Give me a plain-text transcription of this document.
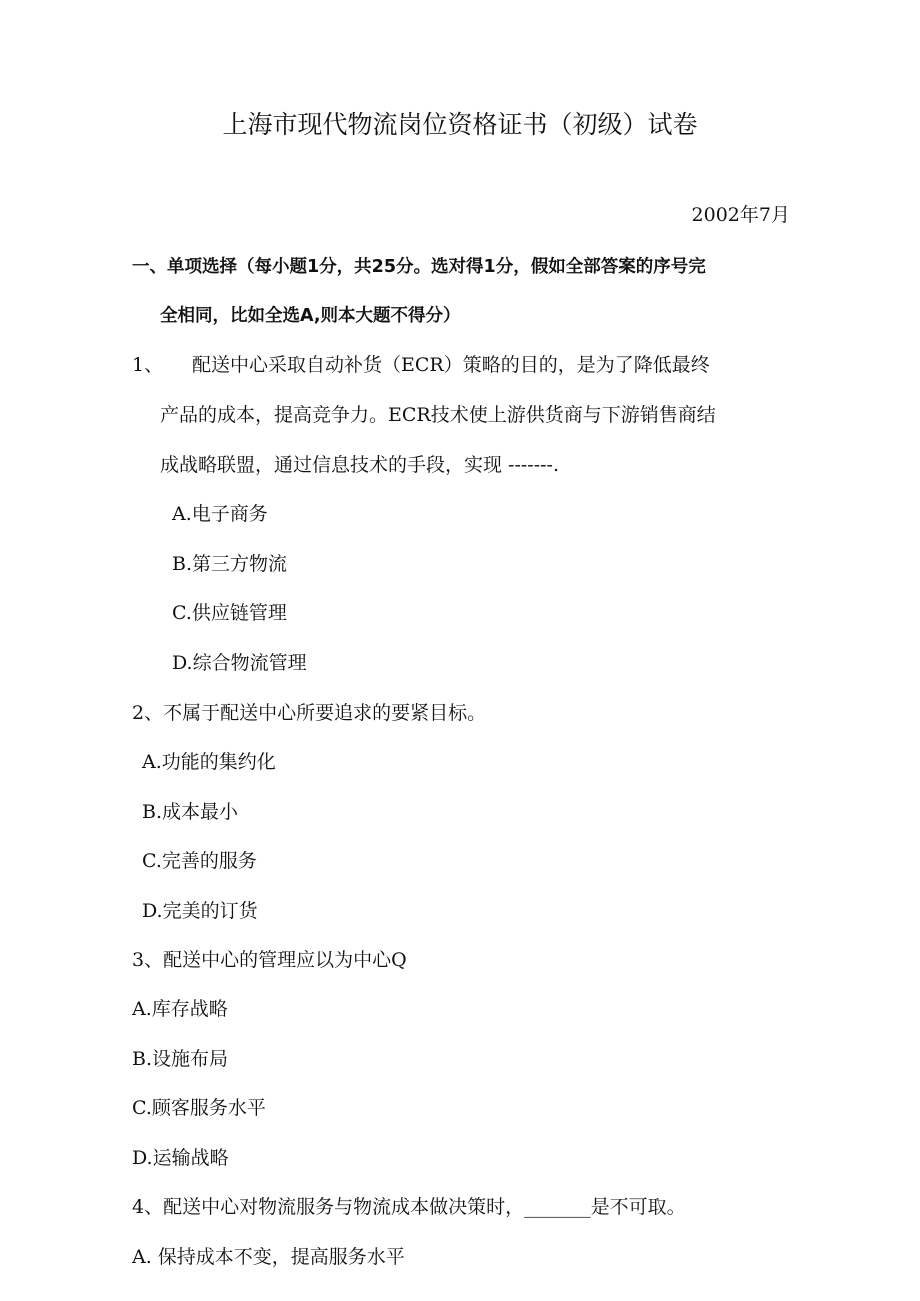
上海市现代物流岗位资格证书（初级）试卷
2002年7月
一、单项选择（每小题1分，共25分。选对得1分，假如全部答案的序号完
全相同，比如全选A,则本大题不得分）
1、 配送中心采取自动补货（ECR）策略的目的，是为了降低最终
产品的成本，提高竞争力。ECR技术使上游供货商与下游销售商结
成战略联盟，通过信息技术的手段，实现 -------.
A.电子商务
B.第三方物流
C.供应链管理
D.综合物流管理
2、不属于配送中心所要追求的要紧目标。
A.功能的集约化
B.成本最小
C.完善的服务
D.完美的订货
3、配送中心的管理应以为中心Q
A.库存战略
B.设施布局
C.顾客服务水平
D.运输战略
4、配送中心对物流服务与物流成本做决策时，_______是不可取。
A. 保持成本不变，提高服务水平
